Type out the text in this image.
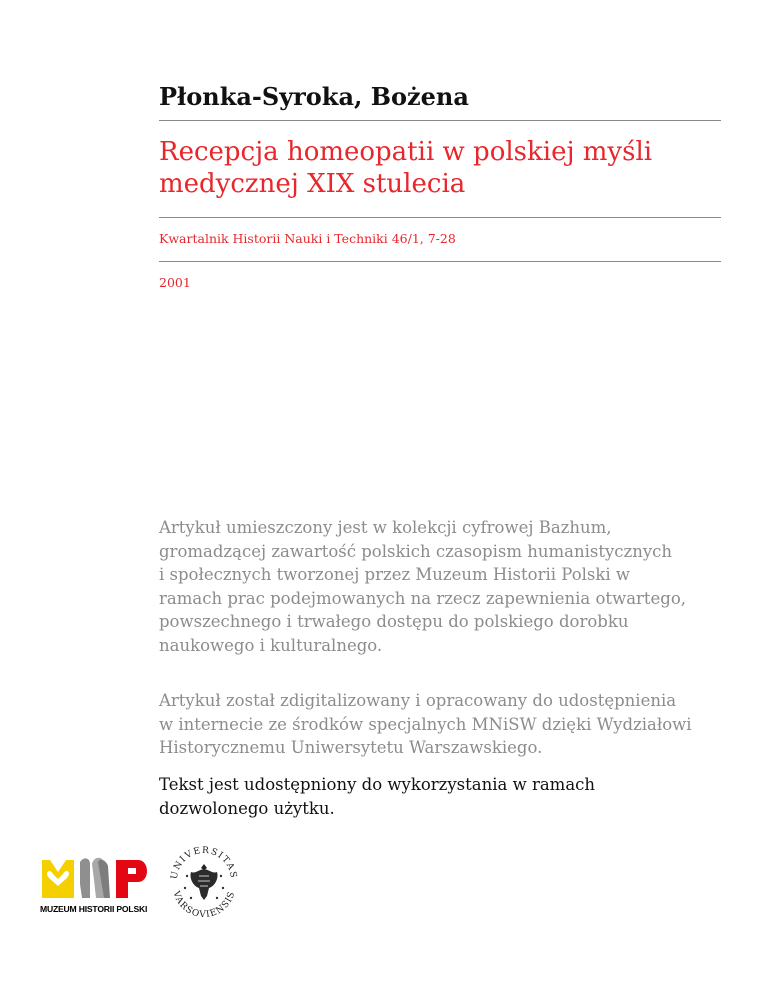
Płonka-Syroka, Bożena
Recepcja homeopatii w polskiej myśli
medycznej XIX stulecia
Kwartalnik Historii Nauki i Techniki 46/1, 7-28
2001
Artykuł umieszczony jest w kolekcji cyfrowej Bazhum,
gromadzącej zawartość polskich czasopism humanistycznych
i społecznych tworzonej przez Muzeum Historii Polski w
ramach prac podejmowanych na rzecz zapewnienia otwartego,
powszechnego i trwałego dostępu do polskiego dorobku
naukowego i kulturalnego.
Artykuł został zdigitalizowany i opracowany do udostępnienia
w internecie ze środków specjalnych MNiSW dzięki Wydziałowi
Historycznemu Uniwersytetu Warszawskiego.
Tekst jest udostępniony do wykorzystania w ramach
dozwolonego użytku.
MUZEUM HISTORII POLSKI
UNIVERSITAS
VARSOVIENSIS
